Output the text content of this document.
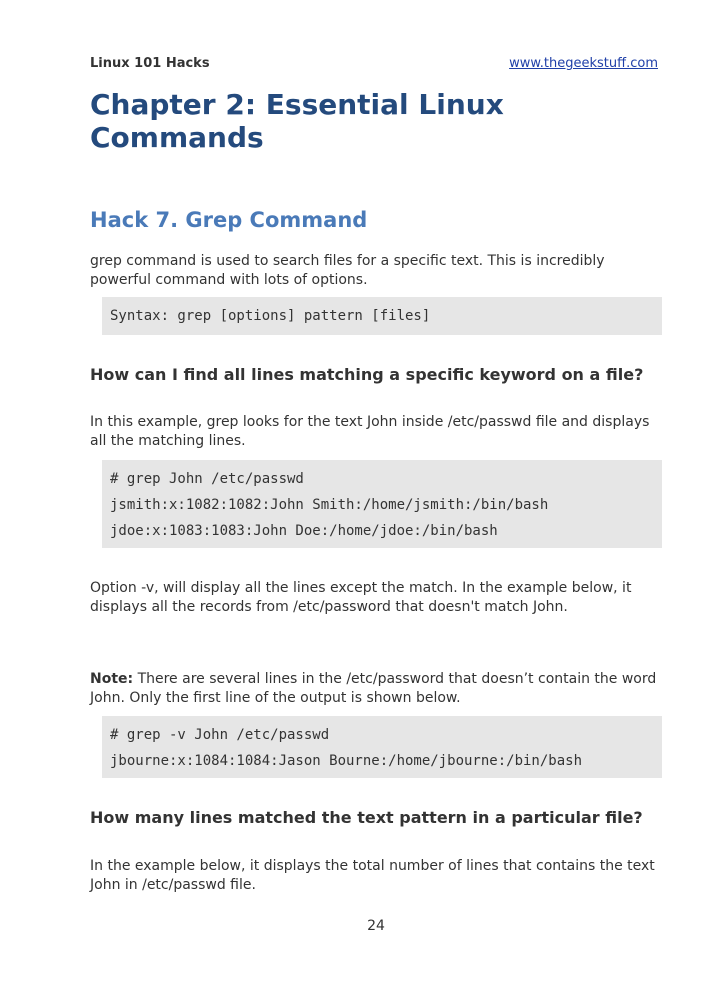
Linux 101 Hacks	www.thegeekstuff.com
Chapter 2: Essential Linux Commands
Hack 7. Grep Command

grep command is used to search files for a specific text. This is incredibly powerful command with lots of options.

Syntax: grep [options] pattern [files]
How can I find all lines matching a specific keyword on a file?

In this example, grep looks for the text John inside /etc/passwd file and displays all the matching lines.

# grep John /etc/passwd
jsmith:x:1082:1082:John Smith:/home/jsmith:/bin/bash
jdoe:x:1083:1083:John Doe:/home/jdoe:/bin/bash

Option -v, will display all the lines except the match. In the example below, it displays all the records from /etc/password that doesn't match John.

Note: There are several lines in the /etc/password that doesn’t contain the word John. Only the first line of the output is shown below.

# grep -v John /etc/passwd
jbourne:x:1084:1084:Jason Bourne:/home/jbourne:/bin/bash
How many lines matched the text pattern in a particular file?

In the example below, it displays the total number of lines that contains the text John in /etc/passwd file.

24
